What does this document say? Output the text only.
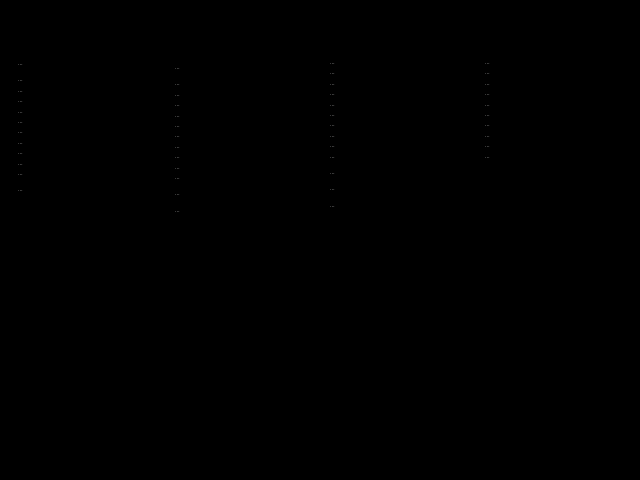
…
…
…
…
…
…
…
…
…
…
…
…
…
…
…
…
…
…
…
…
…
…
…
…
…
…
…
…
…
…
…
…
…
…
…
…
…
…
…
…
…
…
…
…
…
…
…
…
